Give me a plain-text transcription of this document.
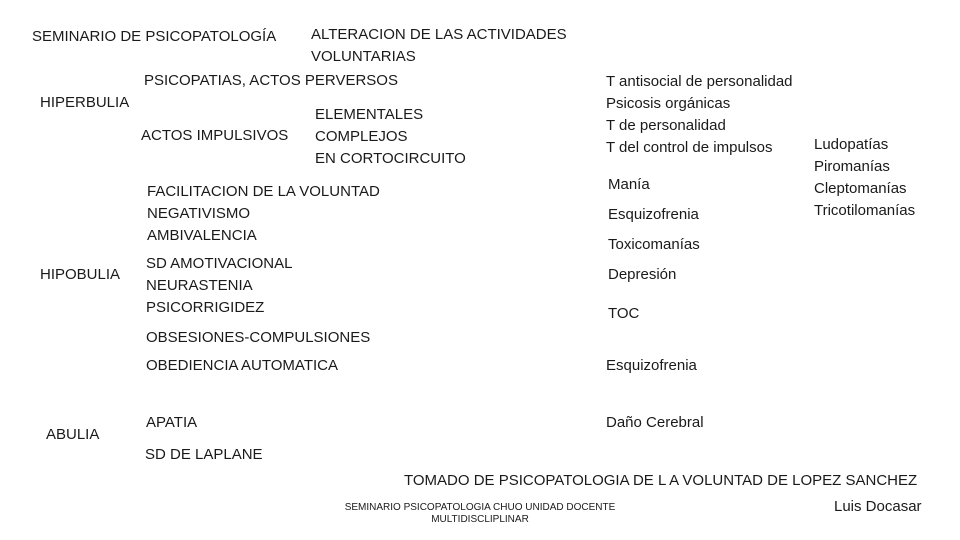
SEMINARIO DE PSICOPATOLOGÍA ALTERACION DE LAS ACTIVIDADES
VOLUNTARIAS
HIPERBULIA
HIPOBULIA
ABULIA
PSICOPATIAS, ACTOS PERVERSOS
ACTOS IMPULSIVOS
ELEMENTALES
COMPLEJOS
EN CORTOCIRCUITO
FACILITACION DE LA VOLUNTAD
NEGATIVISMO
AMBIVALENCIA
SD AMOTIVACIONAL
NEURASTENIA
PSICORRIGIDEZ
OBSESIONES-COMPULSIONES
OBEDIENCIA AUTOMATICA
APATIA
SD DE LAPLANE
T antisocial de personalidad
Psicosis orgánicas
T de personalidad
T del control de impulsos	Ludopatías
Piromanías
Cleptomanías
Tricotilomanías
Manía
Esquizofrenia
Toxicomanías
Depresión
TOC
Esquizofrenia
Daño Cerebral
TOMADO DE PSICOPATOLOGIA DE L A VOLUNTAD DE LOPEZ SANCHEZ
Luis Docasar
SEMINARIO PSICOPATOLOGIA CHUO UNIDAD DOCENTE
MULTIDISCLIPLINAR
